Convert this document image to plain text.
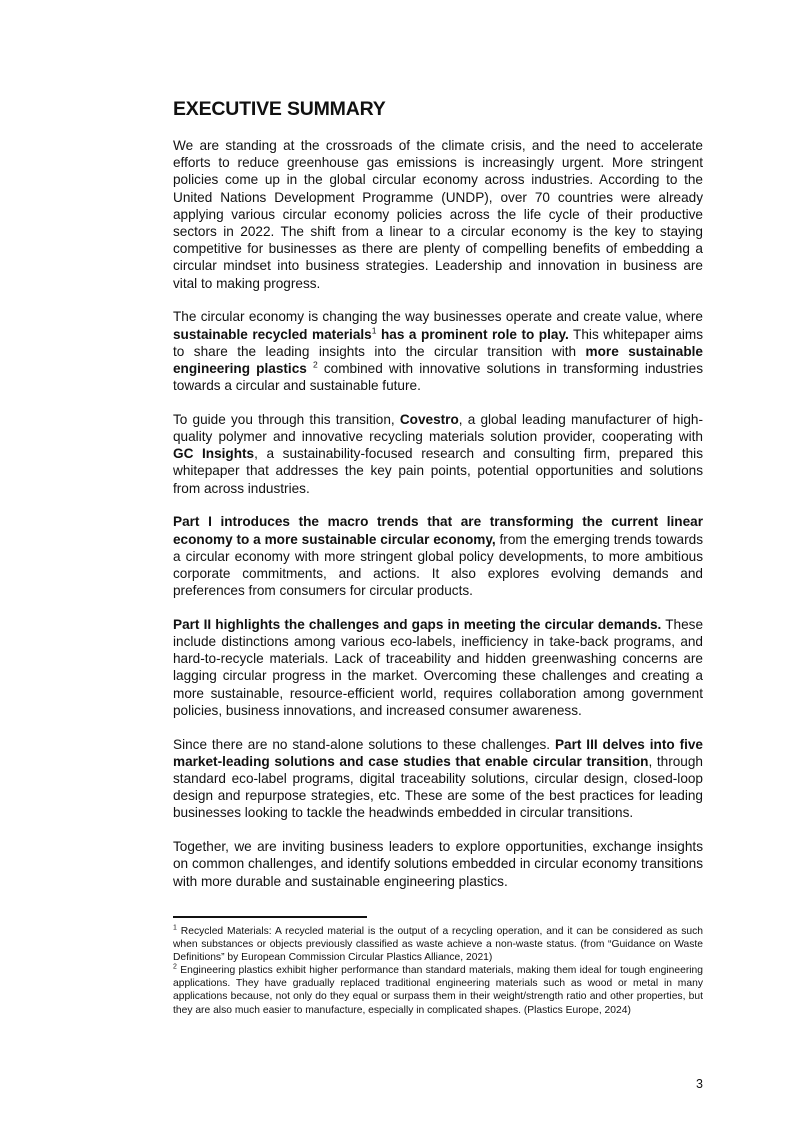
EXECUTIVE SUMMARY

We are standing at the crossroads of the climate crisis, and the need to accelerate efforts to reduce greenhouse gas emissions is increasingly urgent. More stringent policies come up in the global circular economy across industries. According to the United Nations Development Programme (UNDP), over 70 countries were already applying various circular economy policies across the life cycle of their productive sectors in 2022. The shift from a linear to a circular economy is the key to staying competitive for businesses as there are plenty of compelling benefits of embedding a circular mindset into business strategies. Leadership and innovation in business are vital to making progress.

The circular economy is changing the way businesses operate and create value, where sustainable recycled materials$^1$ has a prominent role to play. This whitepaper aims to share the leading insights into the circular transition with more sustainable engineering plastics $^2$ combined with innovative solutions in transforming industries towards a circular and sustainable future.

To guide you through this transition, Covestro, a global leading manufacturer of high-quality polymer and innovative recycling materials solution provider, cooperating with GC Insights, a sustainability-focused research and consulting firm, prepared this whitepaper that addresses the key pain points, potential opportunities and solutions from across industries.

Part I introduces the macro trends that are transforming the current linear economy to a more sustainable circular economy, from the emerging trends towards a circular economy with more stringent global policy developments, to more ambitious corporate commitments, and actions. It also explores evolving demands and preferences from consumers for circular products.

Part II highlights the challenges and gaps in meeting the circular demands. These include distinctions among various eco-labels, inefficiency in take-back programs, and hard-to-recycle materials. Lack of traceability and hidden greenwashing concerns are lagging circular progress in the market. Overcoming these challenges and creating a more sustainable, resource-efficient world, requires collaboration among government policies, business innovations, and increased consumer awareness.

Since there are no stand-alone solutions to these challenges. Part III delves into five market-leading solutions and case studies that enable circular transition, through standard eco-label programs, digital traceability solutions, circular design, closed-loop design and repurpose strategies, etc. These are some of the best practices for leading businesses looking to tackle the headwinds embedded in circular transitions.

Together, we are inviting business leaders to explore opportunities, exchange insights on common challenges, and identify solutions embedded in circular economy transitions with more durable and sustainable engineering plastics.

$^1$ Recycled Materials: A recycled material is the output of a recycling operation, and it can be considered as such when substances or objects previously classified as waste achieve a non-waste status. (from “Guidance on Waste Definitions” by European Commission Circular Plastics Alliance, 2021)

$^2$ Engineering plastics exhibit higher performance than standard materials, making them ideal for tough engineering applications. They have gradually replaced traditional engineering materials such as wood or metal in many applications because, not only do they equal or surpass them in their weight/strength ratio and other properties, but they are also much easier to manufacture, especially in complicated shapes. (Plastics Europe, 2024)

3
